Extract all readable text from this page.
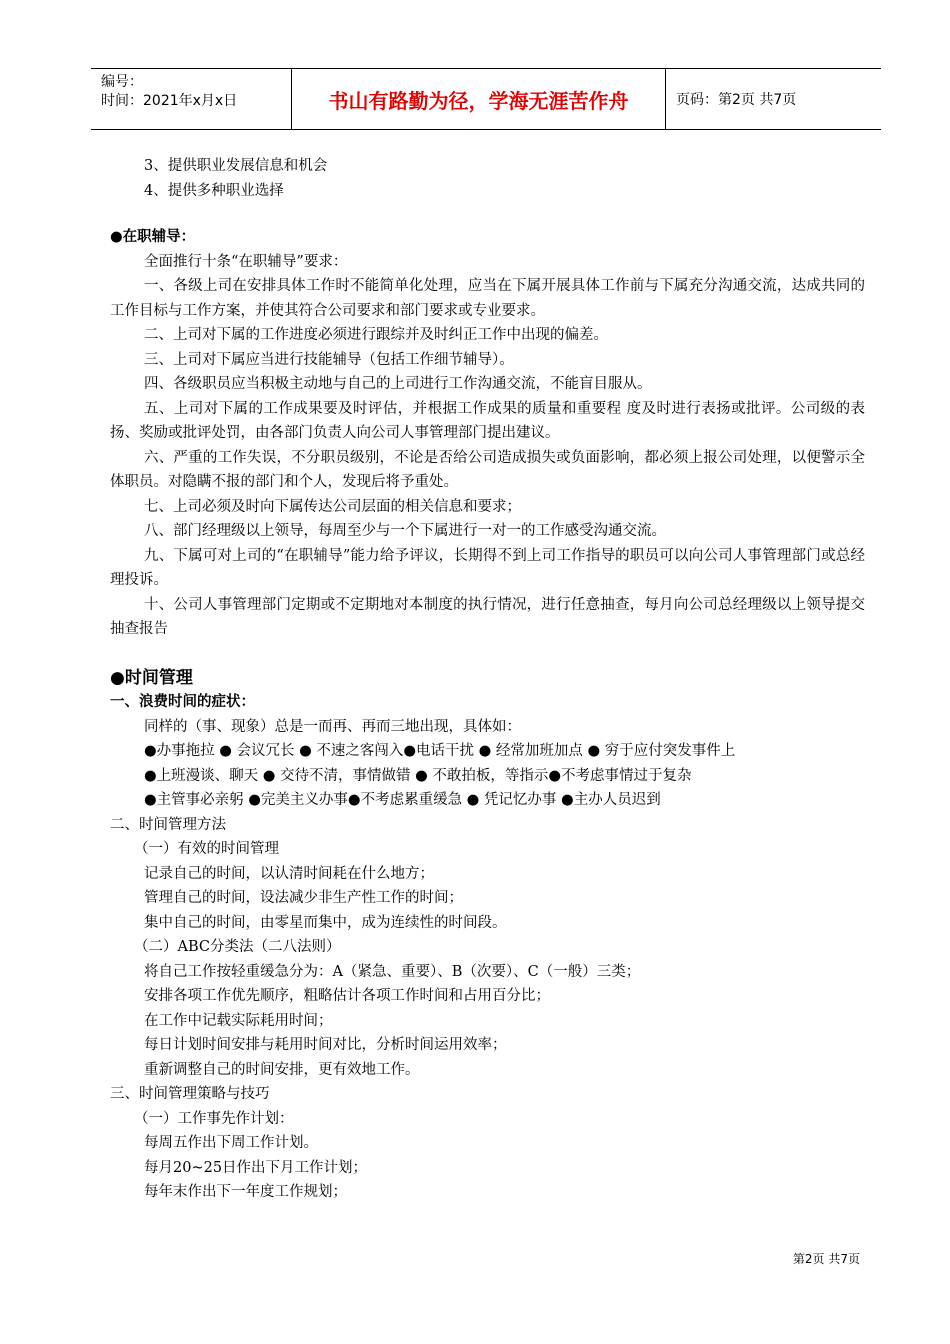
编号：
时间：2021年x月x日	书山有路勤为径，学海无涯苦作舟	页码：第2页 共7页
3、提供职业发展信息和机会
4、提供多种职业选择
●在职辅导：
全面推行十条“在职辅导”要求：
一、各级上司在安排具体工作时不能简单化处理，应当在下属开展具体工作前与下属充分沟通交流，达成共同的工作目标与工作方案，并使其符合公司要求和部门要求或专业要求。
二、上司对下属的工作进度必须进行跟综并及时纠正工作中出现的偏差。
三、上司对下属应当进行技能辅导（包括工作细节辅导）。
四、各级职员应当积极主动地与自己的上司进行工作沟通交流，不能盲目服从。
五、上司对下属的工作成果要及时评估，并根据工作成果的质量和重要程 度及时进行表扬或批评。公司级的表扬、奖励或批评处罚，由各部门负责人向公司人事管理部门提出建议。
六、严重的工作失误，不分职员级别，不论是否给公司造成损失或负面影响，都必须上报公司处理，以便警示全体职员。对隐瞒不报的部门和个人，发现后将予重处。
七、上司必须及时向下属传达公司层面的相关信息和要求；
八、部门经理级以上领导，每周至少与一个下属进行一对一的工作感受沟通交流。
九、下属可对上司的“在职辅导”能力给予评议，长期得不到上司工作指导的职员可以向公司人事管理部门或总经理投诉。
十、公司人事管理部门定期或不定期地对本制度的执行情况，进行任意抽查，每月向公司总经理级以上领导提交抽查报告
●时间管理
一、浪费时间的症状：
同样的（事、现象）总是一而再、再而三地出现，具体如：
●办事拖拉 ● 会议冗长 ● 不速之客闯入●电话干扰 ● 经常加班加点 ● 穷于应付突发事件上
●上班漫谈、聊天 ● 交待不清，事情做错 ● 不敢拍板，等指示●不考虑事情过于复杂
●主管事必亲躬 ●完美主义办事●不考虑累重缓急 ● 凭记忆办事 ●主办人员迟到
二、时间管理方法
（一）有效的时间管理
记录自己的时间，以认清时间耗在什么地方；
管理自己的时间，设法减少非生产性工作的时间；
集中自己的时间，由零星而集中，成为连续性的时间段。
（二）ABC分类法（二八法则）
将自己工作按轻重缓急分为：A（紧急、重要）、B（次要）、C（一般）三类；
安排各项工作优先顺序，粗略估计各项工作时间和占用百分比；
在工作中记载实际耗用时间；
每日计划时间安排与耗用时间对比，分析时间运用效率；
重新调整自己的时间安排，更有效地工作。
三、时间管理策略与技巧
（一）工作事先作计划：
每周五作出下周工作计划。
每月20~25日作出下月工作计划；
每年末作出下一年度工作规划；
第2页 共7页
